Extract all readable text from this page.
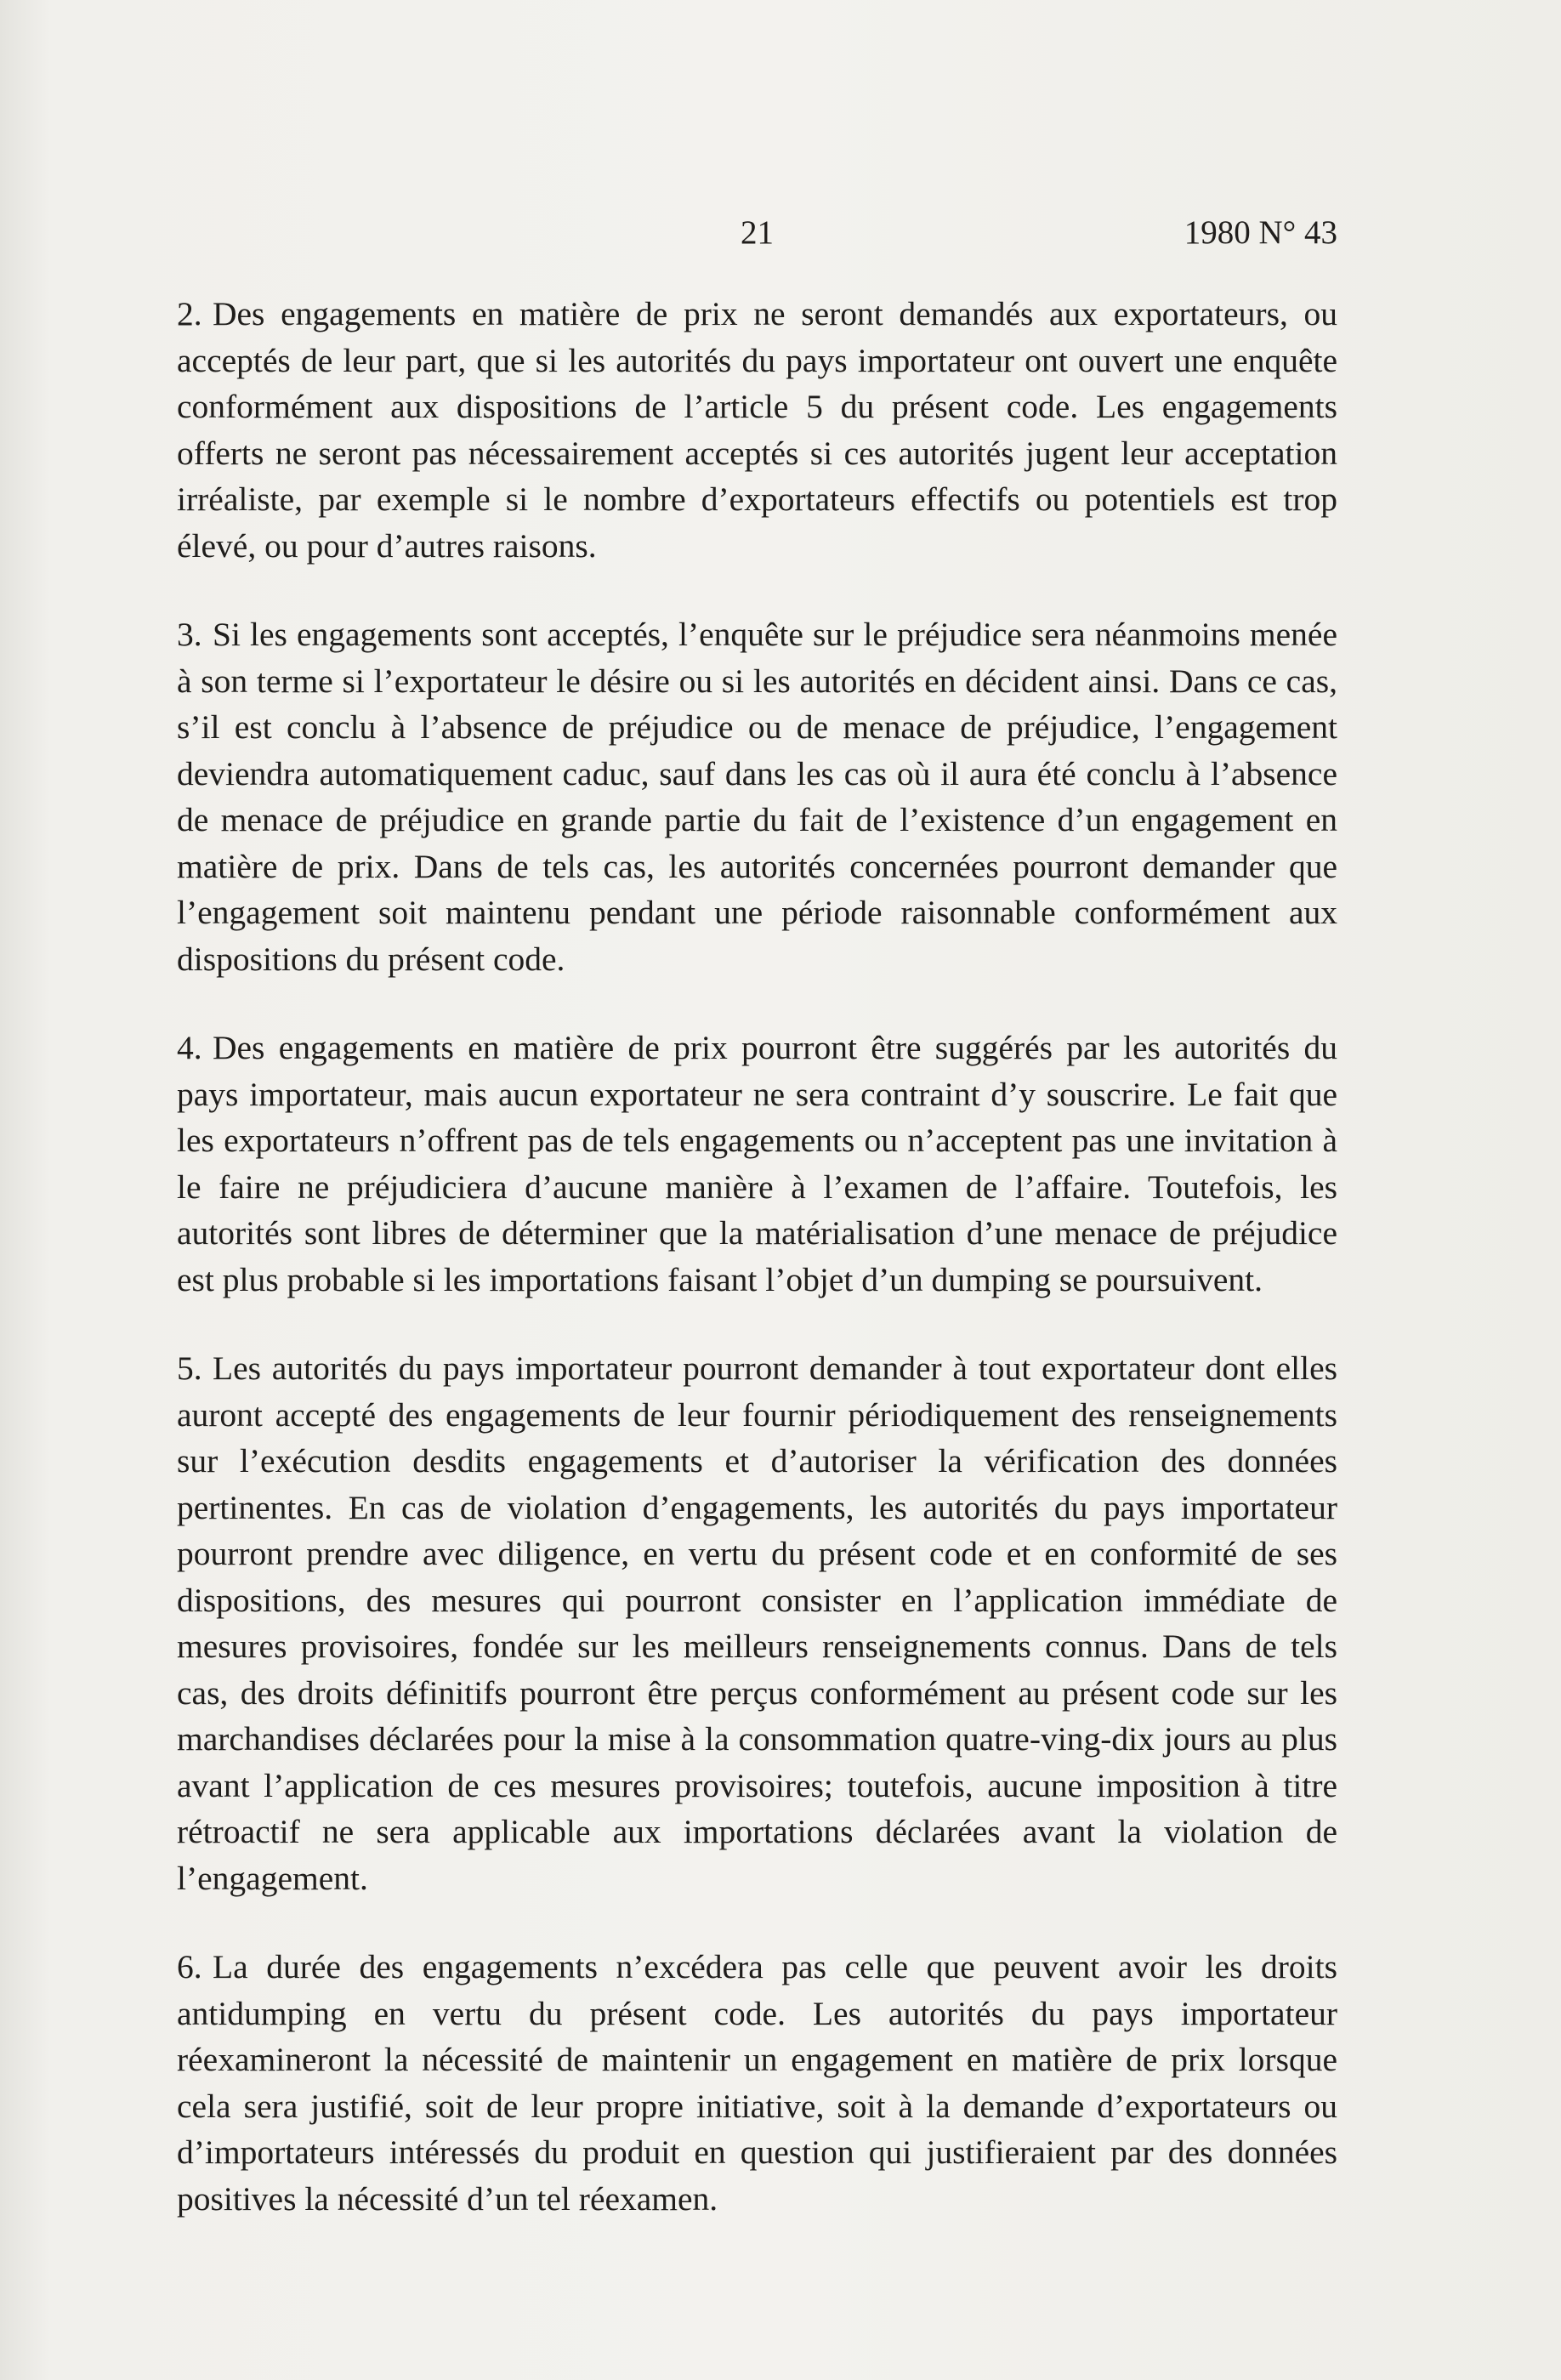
21	1980 N° 43

2. Des engagements en matière de prix ne seront demandés aux exportateurs, ou acceptés de leur part, que si les autorités du pays importateur ont ouvert une enquête conformément aux dispositions de l’article 5 du présent code. Les engagements offerts ne seront pas nécessairement acceptés si ces autorités jugent leur acceptation irréaliste, par exemple si le nombre d’exportateurs effectifs ou potentiels est trop élevé, ou pour d’autres raisons.

3. Si les engagements sont acceptés, l’enquête sur le préjudice sera néanmoins menée à son terme si l’exportateur le désire ou si les autorités en décident ainsi. Dans ce cas, s’il est conclu à l’absence de préjudice ou de menace de préjudice, l’engagement deviendra automatiquement caduc, sauf dans les cas où il aura été conclu à l’absence de menace de préjudice en grande partie du fait de l’existence d’un engagement en matière de prix. Dans de tels cas, les autorités concernées pourront demander que l’engagement soit maintenu pendant une période raisonnable conformément aux dispositions du présent code.

4. Des engagements en matière de prix pourront être suggérés par les autorités du pays importateur, mais aucun exportateur ne sera contraint d’y souscrire. Le fait que les exportateurs n’offrent pas de tels engagements ou n’acceptent pas une invitation à le faire ne préjudiciera d’aucune manière à l’examen de l’affaire. Toutefois, les autorités sont libres de déterminer que la matérialisation d’une menace de préjudice est plus probable si les importations faisant l’objet d’un dumping se poursuivent.

5. Les autorités du pays importateur pourront demander à tout exportateur dont elles auront accepté des engagements de leur fournir périodiquement des renseignements sur l’exécution desdits engagements et d’autoriser la vérification des données pertinentes. En cas de violation d’engagements, les autorités du pays importateur pourront prendre avec diligence, en vertu du présent code et en conformité de ses dispositions, des mesures qui pourront consister en l’application immédiate de mesures provisoires, fondée sur les meilleurs renseignements connus. Dans de tels cas, des droits définitifs pourront être perçus conformément au présent code sur les marchandises déclarées pour la mise à la consommation quatre-ving-dix jours au plus avant l’application de ces mesures provisoires; toutefois, aucune imposition à titre rétroactif ne sera applicable aux importations déclarées avant la violation de l’engagement.

6. La durée des engagements n’excédera pas celle que peuvent avoir les droits antidumping en vertu du présent code. Les autorités du pays importateur réexamineront la nécessité de maintenir un engagement en matière de prix lorsque cela sera justifié, soit de leur propre initiative, soit à la demande d’exportateurs ou d’importateurs intéressés du produit en question qui justifieraient par des données positives la nécessité d’un tel réexamen.
